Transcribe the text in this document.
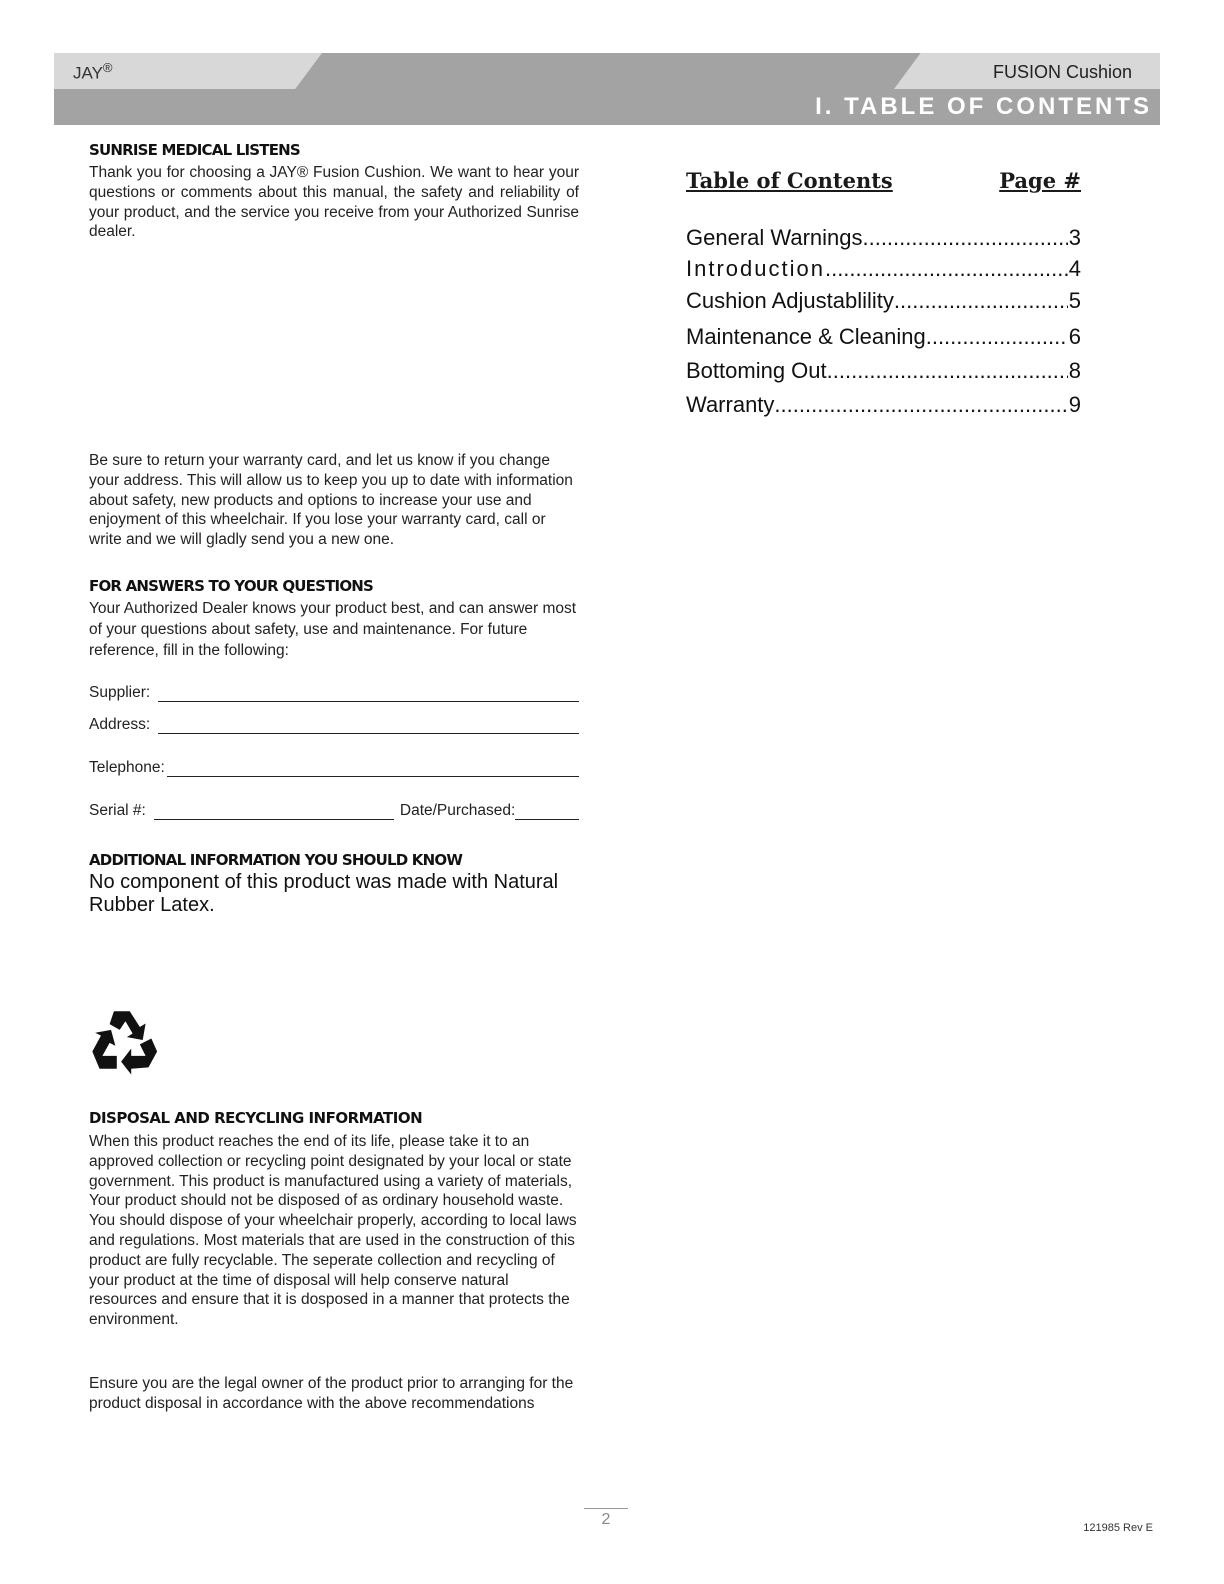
JAY®	FUSION Cushion
I. TABLE OF CONTENTS

SUNRISE MEDICAL LISTENS

Thank you for choosing a JAY® Fusion Cushion. We want to hear your questions or comments about this manual, the safety and reliability of your product, and the service you receive from your Authorized Sunrise dealer.

Be sure to return your warranty card, and let us know if you change your address. This will allow us to keep you up to date with information about safety, new products and options to increase your use and enjoyment of this wheelchair. If you lose your warranty card, call or write and we will gladly send you a new one.

FOR ANSWERS TO YOUR QUESTIONS

Your Authorized Dealer knows your product best, and can answer most of your questions about safety, use and maintenance. For future reference, fill in the following:

Supplier:
Address:
Telephone:
Serial #:	Date/Purchased:

ADDITIONAL INFORMATION YOU SHOULD KNOW

No component of this product was made with Natural Rubber Latex.

DISPOSAL AND RECYCLING INFORMATION

When this product reaches the end of its life, please take it to an approved collection or recycling point designated by your local or state government. This product is manufactured using a variety of materials, Your product should not be disposed of as ordinary household waste. You should dispose of your wheelchair properly, according to local laws and regulations. Most materials that are used in the construction of this product are fully recyclable. The seperate collection and recycling of your product at the time of disposal will help conserve natural resources and ensure that it is dosposed in a manner that protects the environment.

Ensure you are the legal owner of the product prior to arranging for the product disposal in accordance with the above recommendations

Table of Contents	Page #
General Warnings .....	3
Introduction .....	4
Cushion Adjustablility .....	5
Maintenance & Cleaning .....	6
Bottoming Out .....	8
Warranty .....	9
2	121985 Rev E
